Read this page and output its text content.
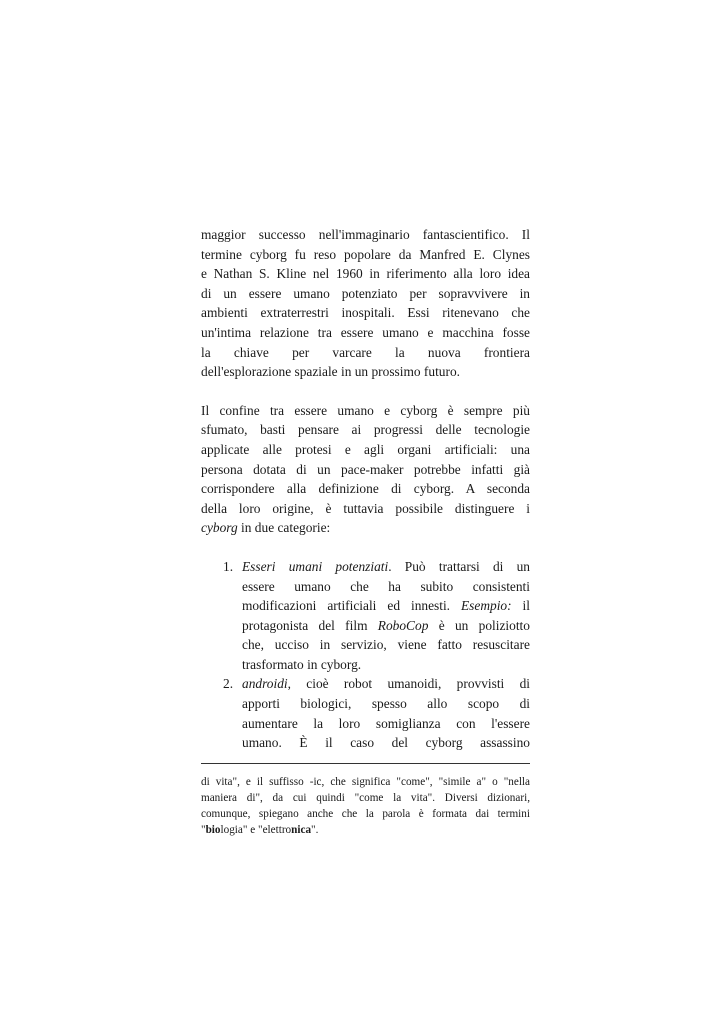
maggior successo nell'immaginario fantascientifico. Il
termine cyborg fu reso popolare da Manfred E. Clynes
e Nathan S. Kline nel 1960 in riferimento alla loro idea
di un essere umano potenziato per sopravvivere in
ambienti extraterrestri inospitali. Essi ritenevano che
un'intima relazione tra essere umano e macchina fosse
la chiave per varcare la nuova frontiera
dell'esplorazione spaziale in un prossimo futuro.

Il confine tra essere umano e cyborg è sempre più
sfumato, basti pensare ai progressi delle tecnologie
applicate alle protesi e agli organi artificiali: una
persona dotata di un pace-maker potrebbe infatti già
corrispondere alla definizione di cyborg. A seconda
della loro origine, è tuttavia possibile distinguere i
cyborg in due categorie:

1. Esseri umani potenziati. Può trattarsi di un
essere umano che ha subito consistenti
modificazioni artificiali ed innesti. Esempio: il
protagonista del film RoboCop è un poliziotto
che, ucciso in servizio, viene fatto resuscitare
trasformato in cyborg.
2. androidi, cioè robot umanoidi, provvisti di
apporti biologici, spesso allo scopo di
aumentare la loro somiglianza con l'essere
umano. È il caso del cyborg assassino
di vita", e il suffisso -ic, che significa "come", "simile a" o "nella
maniera di", da cui quindi "come la vita". Diversi dizionari,
comunque, spiegano anche che la parola è formata dai termini
"biologia" e "elettronica".
